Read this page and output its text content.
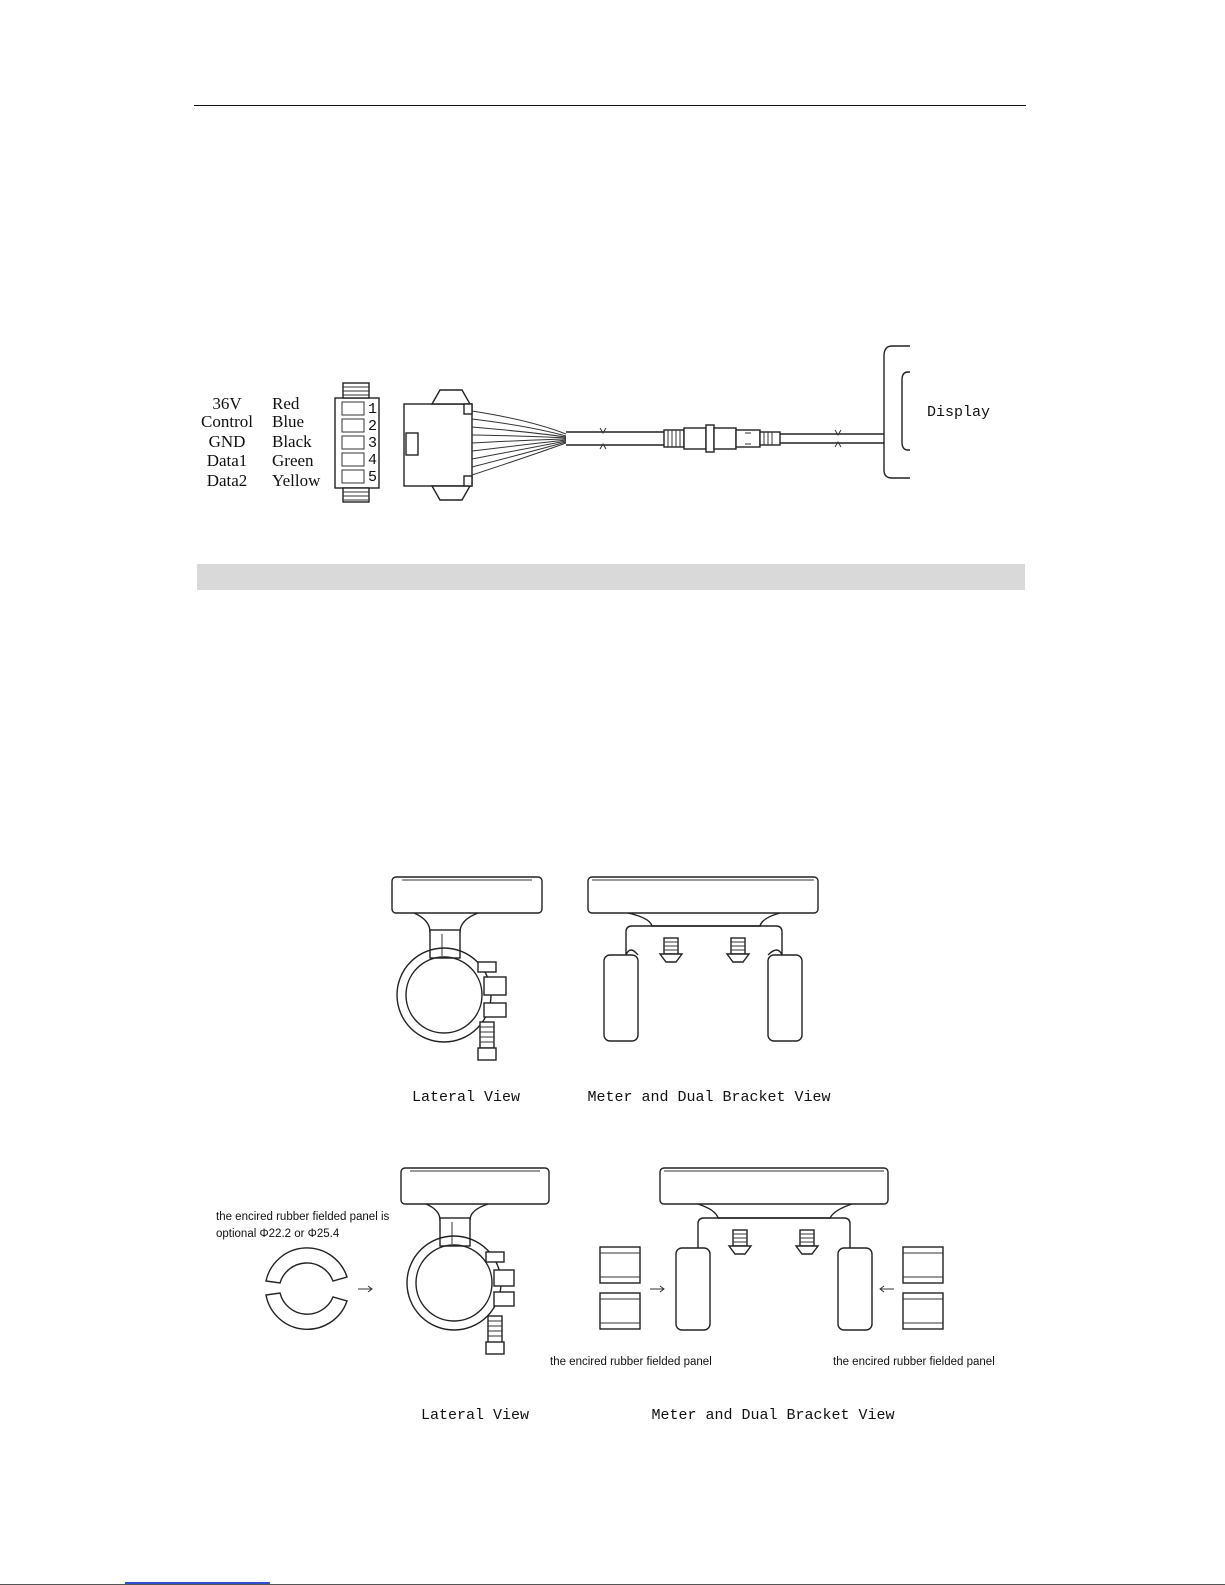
36V
Control
GND
Data1
Data2
Red
Blue
Black
Green
Yellow
1
2
3
4
5
Display
Lateral View	Meter and Dual Bracket View
the encired rubber fielded panel is
optional Φ22.2 or Φ25.4
Lateral View
the encired rubber fielded panel	the encired rubber fielded panel
Meter and Dual Bracket View
